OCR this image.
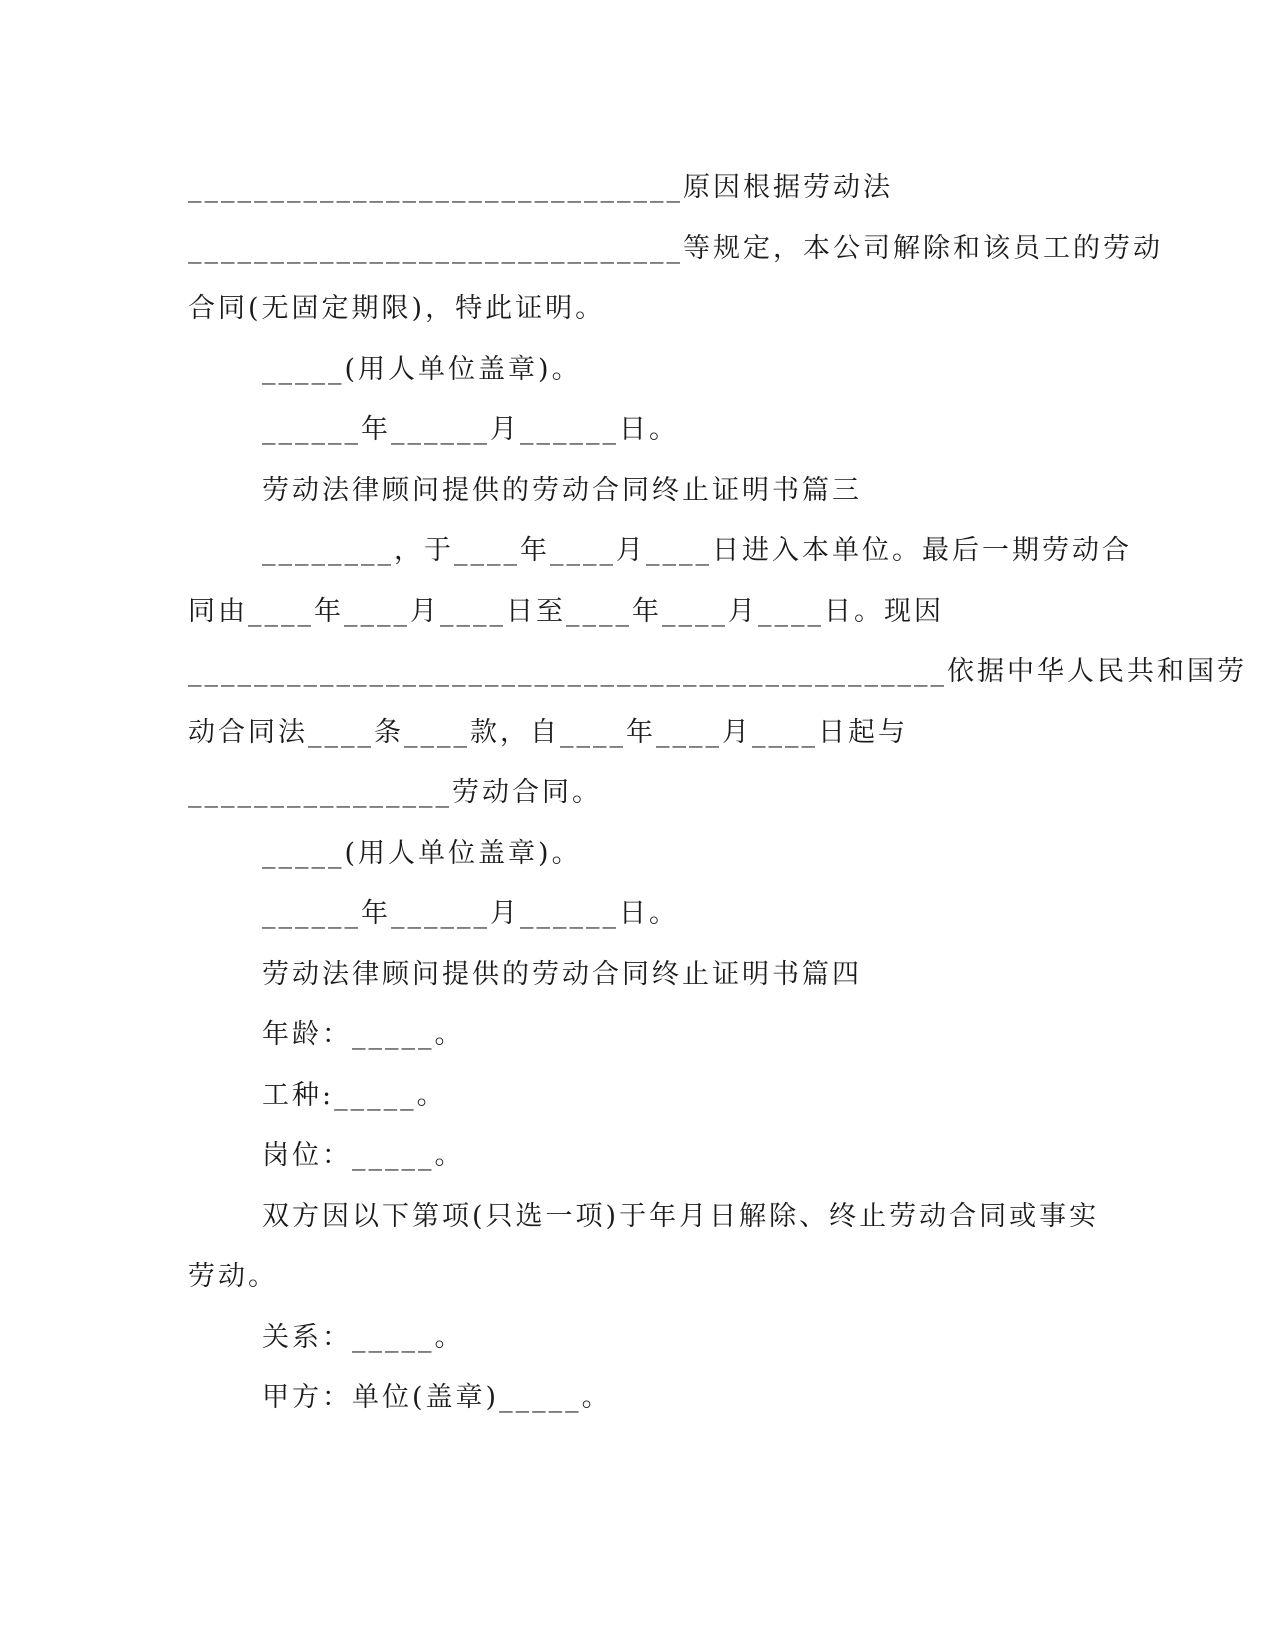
______________________________原因根据劳动法
______________________________等规定，本公司解除和该员工的劳动
合同(无固定期限)，特此证明。
_____(用人单位盖章)。
______年______月______日。
劳动法律顾问提供的劳动合同终止证明书篇三
________，于____年____月____日进入本单位。最后一期劳动合
同由____年____月____日至____年____月____日。现因
______________________________________________依据中华人民共和国劳
动合同法____条____款，自____年____月____日起与
________________劳动合同。
_____(用人单位盖章)。
______年______月______日。
劳动法律顾问提供的劳动合同终止证明书篇四
年龄：_____。
工种:_____。
岗位：_____。
双方因以下第项(只选一项)于年月日解除、终止劳动合同或事实
劳动。
关系：_____。
甲方：单位(盖章)_____。
